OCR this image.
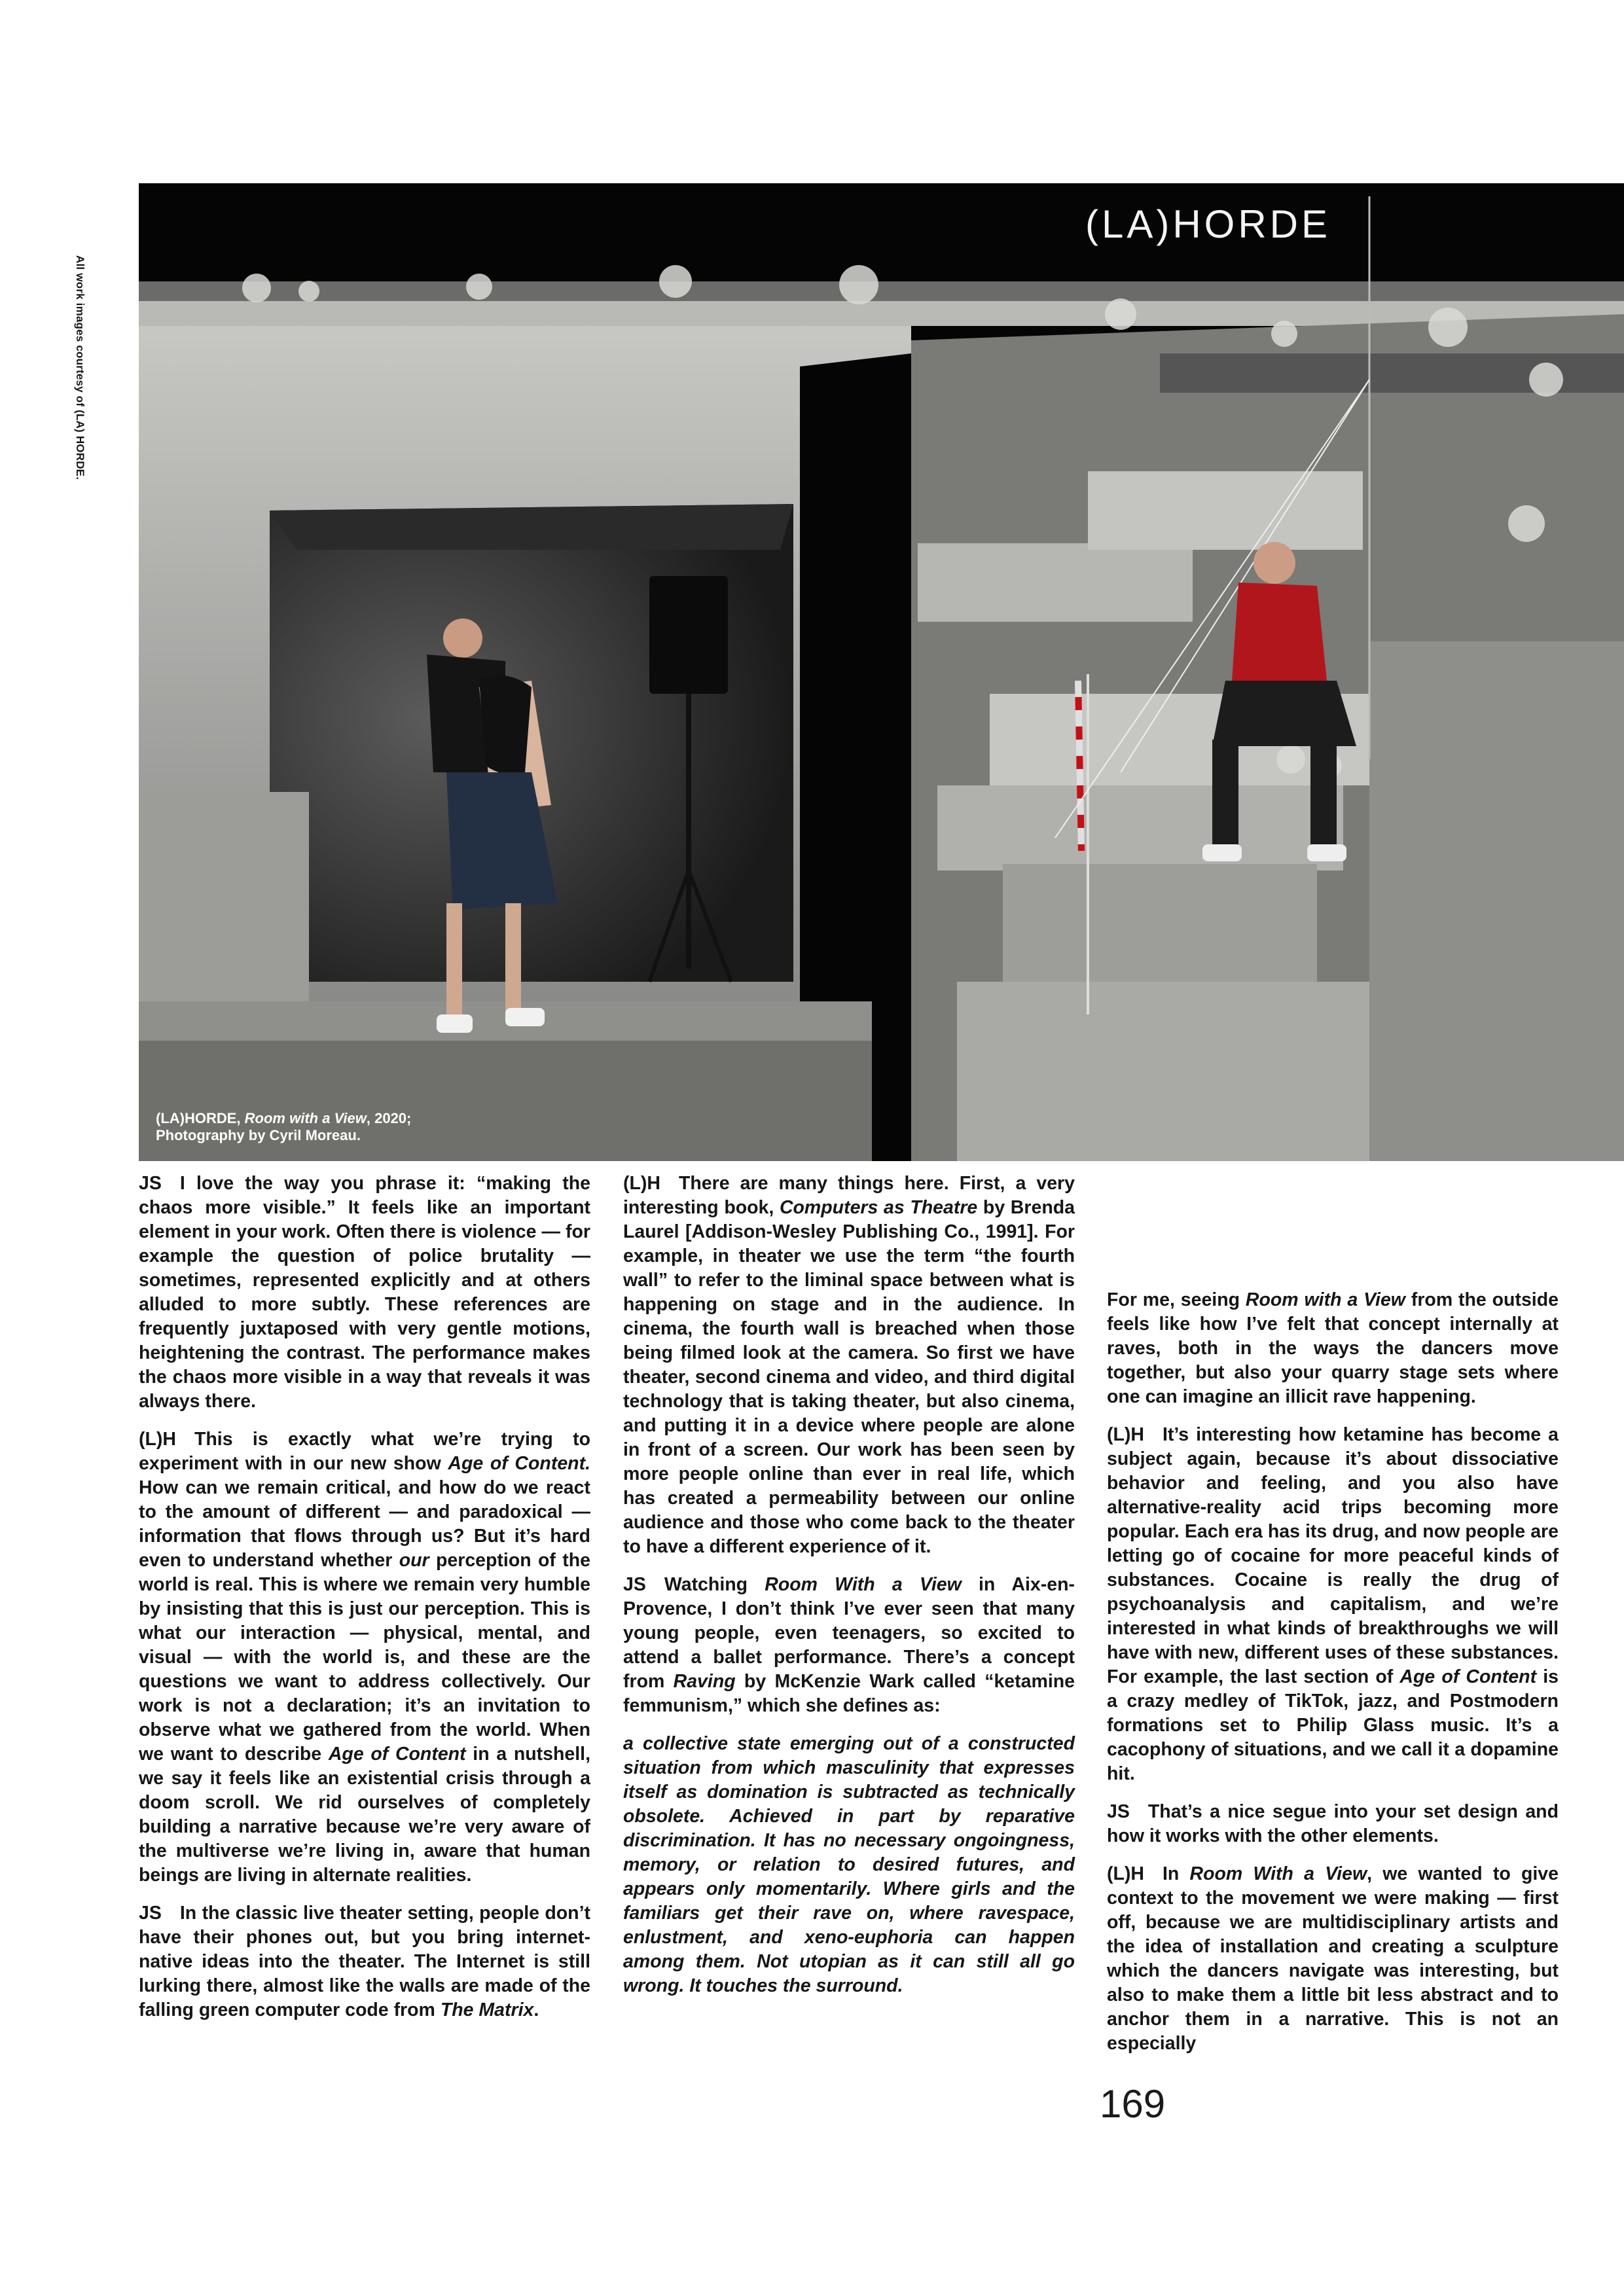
All work images courtesy of (LA) HORDE.
(LA)HORDE
(LA)HORDE, Room with a View, 2020;
Photography by Cyril Moreau.

JS I love the way you phrase it: “making the chaos more visible.” It feels like an important element in your work. Often there is violence — for example the question of police brutality — sometimes, represented explicitly and at others alluded to more subtly. These references are frequently juxtaposed with very gentle motions, heightening the contrast. The performance makes the chaos more visible in a way that reveals it was always there.

(L)H This is exactly what we’re trying to experiment with in our new show Age of Content. How can we remain critical, and how do we react to the amount of different — and paradoxical — information that flows through us? But it’s hard even to understand whether our perception of the world is real. This is where we remain very humble by insisting that this is just our perception. This is what our interaction — physical, mental, and visual — with the world is, and these are the questions we want to address collectively. Our work is not a declaration; it’s an invitation to observe what we gathered from the world. When we want to describe Age of Content in a nutshell, we say it feels like an existential crisis through a doom scroll. We rid ourselves of completely building a narrative because we’re very aware of the multiverse we’re living in, aware that human beings are living in alternate realities.

JS In the classic live theater setting, people don’t have their phones out, but you bring internet-native ideas into the theater. The Internet is still lurking there, almost like the walls are made of the falling green computer code from The Matrix.

(L)H There are many things here. First, a very interesting book, Computers as Theatre by Brenda Laurel [Addison-Wesley Publishing Co., 1991]. For example, in theater we use the term “the fourth wall” to refer to the liminal space between what is happening on stage and in the audience. In cinema, the fourth wall is breached when those being filmed look at the camera. So first we have theater, second cinema and video, and third digital technology that is taking theater, but also cinema, and putting it in a device where people are alone in front of a screen. Our work has been seen by more people online than ever in real life, which has created a permeability between our online audience and those who come back to the theater to have a different experience of it.

JS Watching Room With a View in Aix-en-Provence, I don’t think I’ve ever seen that many young people, even teenagers, so excited to attend a ballet performance. There’s a concept from Raving by McKenzie Wark called “ketamine femmunism,” which she defines as:

a collective state emerging out of a constructed situation from which masculinity that expresses itself as domination is subtracted as technically obsolete. Achieved in part by reparative discrimination. It has no necessary ongoingness, memory, or relation to desired futures, and appears only momentarily. Where girls and the familiars get their rave on, where ravespace, enlustment, and xeno-euphoria can happen among them. Not utopian as it can still all go wrong. It touches the surround.

For me, seeing Room with a View from the outside feels like how I’ve felt that concept internally at raves, both in the ways the dancers move together, but also your quarry stage sets where one can imagine an illicit rave happening.

(L)H It’s interesting how ketamine has become a subject again, because it’s about dissociative behavior and feeling, and you also have alternative-reality acid trips becoming more popular. Each era has its drug, and now people are letting go of cocaine for more peaceful kinds of substances. Cocaine is really the drug of psychoanalysis and capitalism, and we’re interested in what kinds of breakthroughs we will have with new, different uses of these substances. For example, the last section of Age of Content is a crazy medley of TikTok, jazz, and Postmodern formations set to Philip Glass music. It’s a cacophony of situations, and we call it a dopamine hit.

JS That’s a nice segue into your set design and how it works with the other elements.

(L)H In Room With a View, we wanted to give context to the movement we were making — first off, because we are multidisciplinary artists and the idea of installation and creating a sculpture which the dancers navigate was interesting, but also to make them a little bit less abstract and to anchor them in a narrative. This is not an especially

169
